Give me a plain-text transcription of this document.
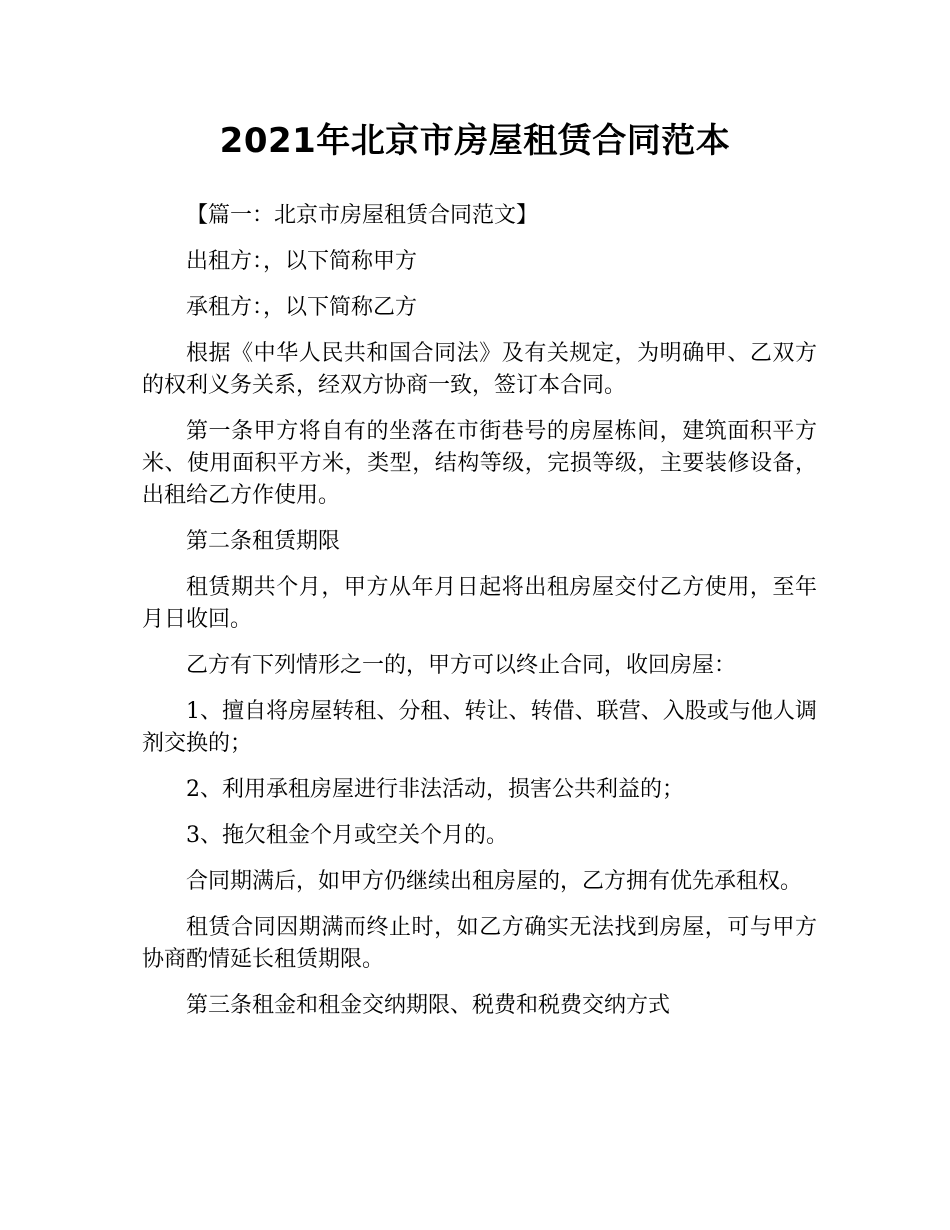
2021年北京市房屋租赁合同范本

【篇一：北京市房屋租赁合同范文】

出租方：，以下简称甲方

承租方：，以下简称乙方

根据《中华人民共和国合同法》及有关规定，为明确甲、乙双方的权利义务关系，经双方协商一致，签订本合同。

第一条甲方将自有的坐落在市街巷号的房屋栋间，建筑面积平方米、使用面积平方米，类型，结构等级，完损等级，主要装修设备，出租给乙方作使用。

第二条租赁期限

租赁期共个月，甲方从年月日起将出租房屋交付乙方使用，至年月日收回。

乙方有下列情形之一的，甲方可以终止合同，收回房屋：

1、擅自将房屋转租、分租、转让、转借、联营、入股或与他人调剂交换的；

2、利用承租房屋进行非法活动，损害公共利益的；

3、拖欠租金个月或空关个月的。

合同期满后，如甲方仍继续出租房屋的，乙方拥有优先承租权。

租赁合同因期满而终止时，如乙方确实无法找到房屋，可与甲方协商酌情延长租赁期限。

第三条租金和租金交纳期限、税费和税费交纳方式
